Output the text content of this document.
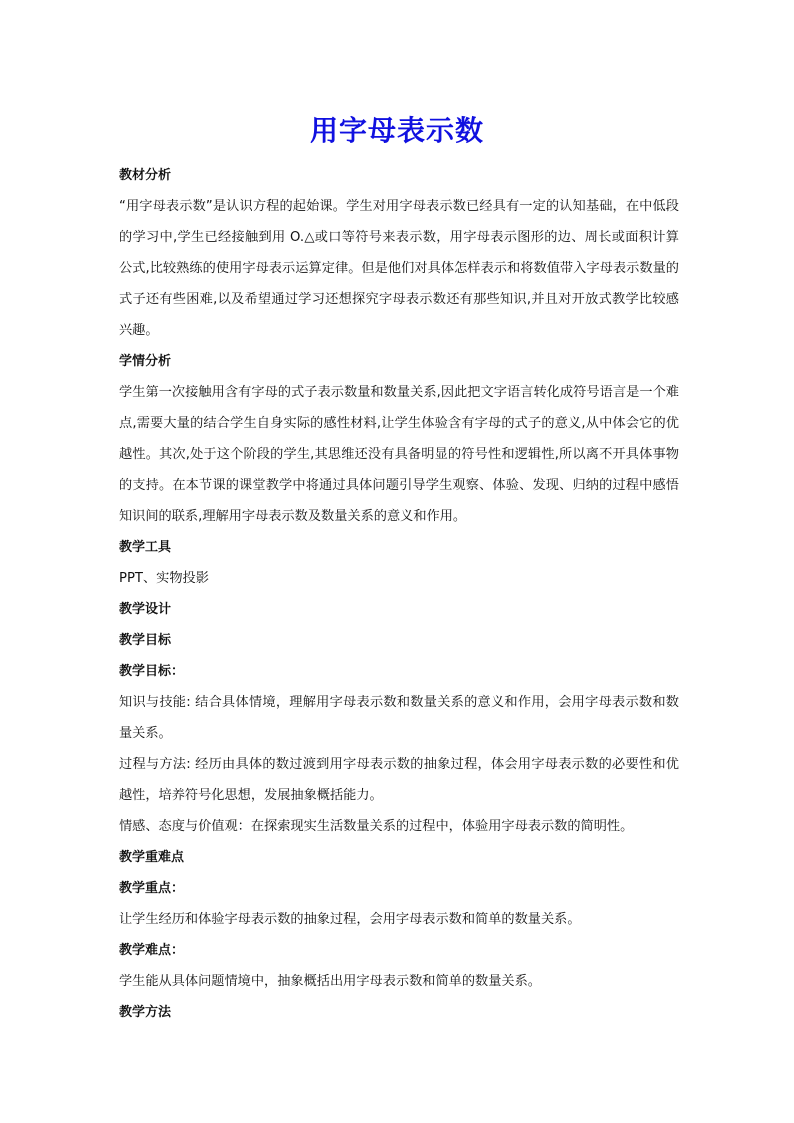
用字母表示数

教材分析

“用字母表示数”是认识方程的起始课。学生对用字母表示数已经具有一定的认知基础，在中低段的学习中,学生已经接触到用 O.△或口等符号来表示数，用字母表示图形的边、周长或面积计算公式,比较熟练的使用字母表示运算定律。但是他们对具体怎样表示和将数值带入字母表示数量的式子还有些困难,以及希望通过学习还想探究字母表示数还有那些知识,并且对开放式教学比较感兴趣。

学情分析

学生第一次接触用含有字母的式子表示数量和数量关系,因此把文字语言转化成符号语言是一个难点,需要大量的结合学生自身实际的感性材料,让学生体验含有字母的式子的意义,从中体会它的优越性。其次,处于这个阶段的学生,其思维还没有具备明显的符号性和逻辑性,所以离不开具体事物的支持。在本节课的课堂教学中将通过具体问题引导学生观察、体验、发现、归纳的过程中感悟知识间的联系,理解用字母表示数及数量关系的意义和作用。

教学工具

PPT、实物投影

教学设计

教学目标

教学目标：

知识与技能: 结合具体情境，理解用字母表示数和数量关系的意义和作用，会用字母表示数和数量关系。

过程与方法: 经历由具体的数过渡到用字母表示数的抽象过程，体会用字母表示数的必要性和优越性，培养符号化思想，发展抽象概括能力。

情感、态度与价值观：在探索现实生活数量关系的过程中，体验用字母表示数的简明性。

教学重难点

教学重点：

让学生经历和体验字母表示数的抽象过程，会用字母表示数和简单的数量关系。

教学难点：

学生能从具体问题情境中，抽象概括出用字母表示数和简单的数量关系。

教学方法
